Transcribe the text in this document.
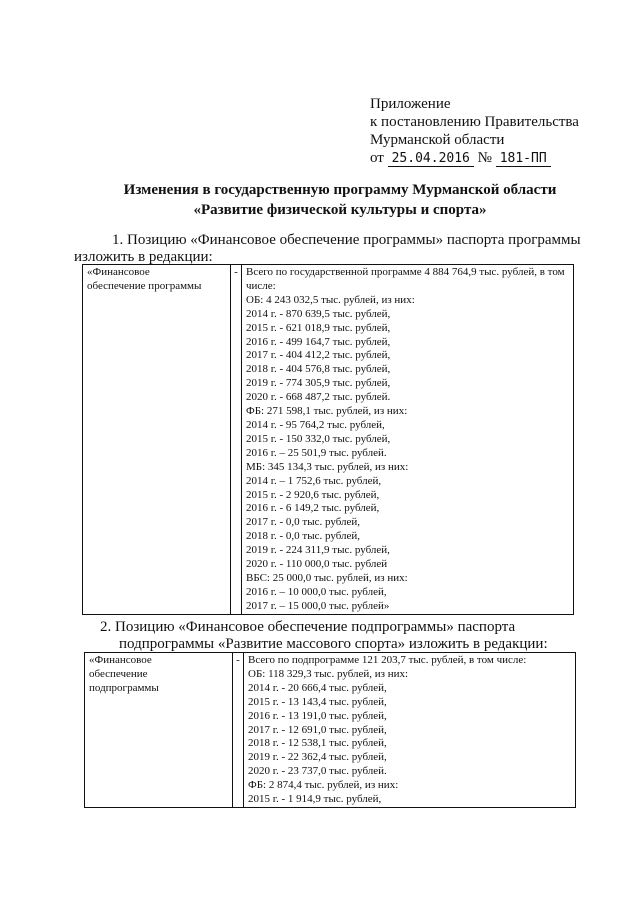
Приложение
к постановлению Правительства
Мурманской области
от 25.04.2016 № 181-ПП
Изменения в государственную программу Мурманской области
«Развитие физической культуры и спорта»
1. Позицию «Финансовое обеспечение программы» паспорта программы
изложить в редакции:
«Финансовое
обеспечение программы
	-	Всего по государственной программе 4 884 764,9 тыс. рублей, в том числе:
ОБ: 4 243 032,5 тыс. рублей, из них:
2014 г. - 870 639,5 тыс. рублей,
2015 г. - 621 018,9 тыс. рублей,
2016 г. - 499 164,7 тыс. рублей,
2017 г. - 404 412,2 тыс. рублей,
2018 г. - 404 576,8 тыс. рублей,
2019 г. - 774 305,9 тыс. рублей,
2020 г. - 668 487,2 тыс. рублей.
ФБ: 271 598,1 тыс. рублей, из них:
2014 г. - 95 764,2 тыс. рублей,
2015 г. - 150 332,0 тыс. рублей,
2016 г. – 25 501,9 тыс. рублей.
МБ: 345 134,3 тыс. рублей, из них:
2014 г. – 1 752,6 тыс. рублей,
2015 г. - 2 920,6 тыс. рублей,
2016 г. - 6 149,2 тыс. рублей,
2017 г. - 0,0 тыс. рублей,
2018 г. - 0,0 тыс. рублей,
2019 г. - 224 311,9 тыс. рублей,
2020 г. - 110 000,0 тыс. рублей
ВБС: 25 000,0 тыс. рублей, из них:
2016 г. – 10 000,0 тыс. рублей,
2017 г. – 15 000,0 тыс. рублей»
2. Позицию «Финансовое обеспечение подпрограммы» паспорта
подпрограммы «Развитие массового спорта» изложить в редакции:
«Финансовое
обеспечение
подпрограммы
	-	Всего по подпрограмме 121 203,7 тыс. рублей, в том числе:
ОБ: 118 329,3 тыс. рублей, из них:
2014 г. - 20 666,4 тыс. рублей,
2015 г. - 13 143,4 тыс. рублей,
2016 г. - 13 191,0 тыс. рублей,
2017 г. - 12 691,0 тыс. рублей,
2018 г. - 12 538,1 тыс. рублей,
2019 г. - 22 362,4 тыс. рублей,
2020 г. - 23 737,0 тыс. рублей.
ФБ: 2 874,4 тыс. рублей, из них:
2015 г. - 1 914,9 тыс. рублей,
